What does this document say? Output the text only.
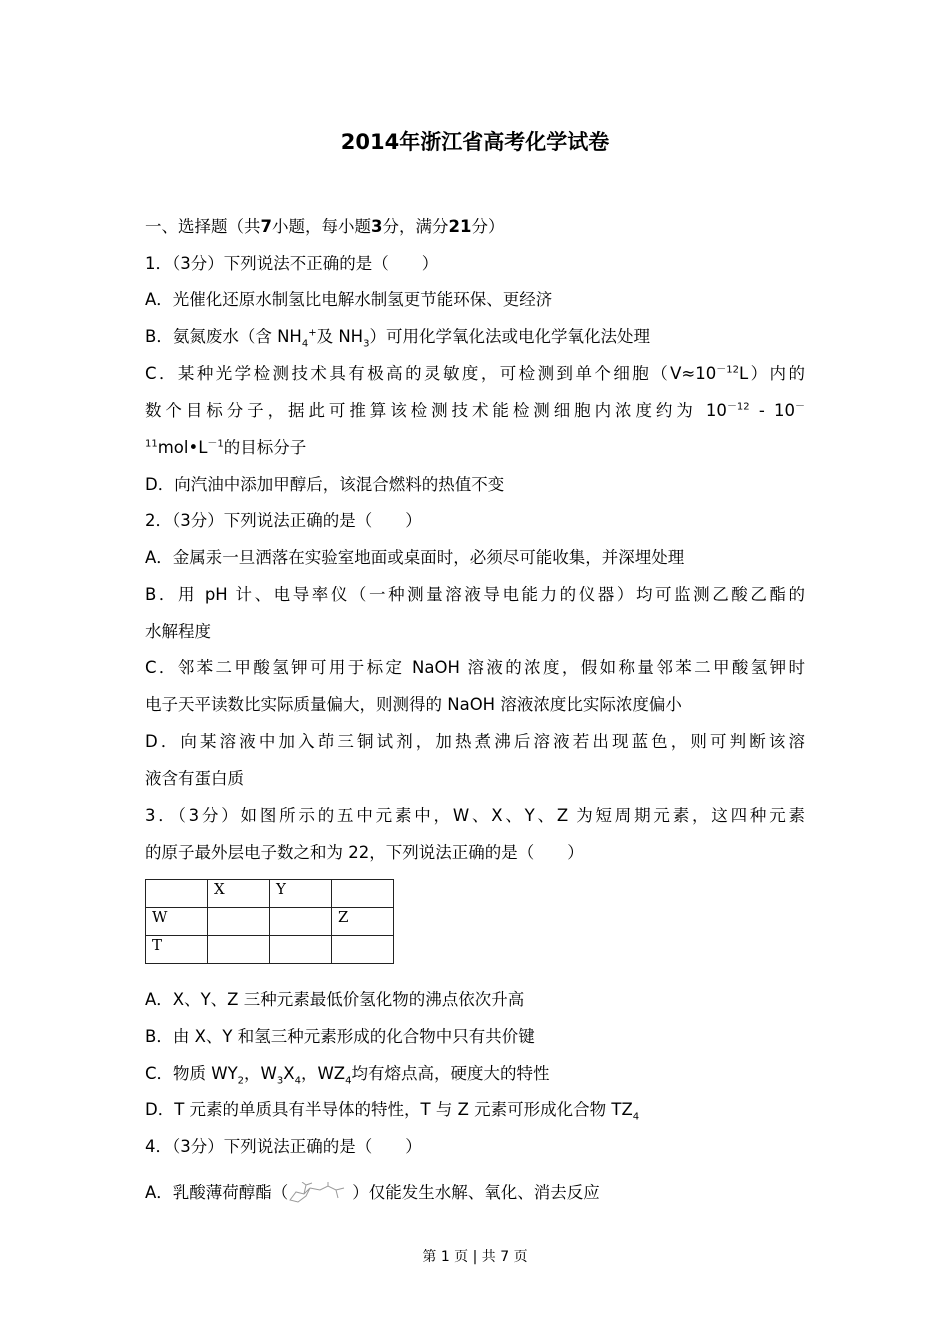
2014年浙江省高考化学试卷
一、选择题（共7小题，每小题3分，满分21分）
1．（3分）下列说法不正确的是（　　）
A．光催化还原水制氢比电解水制氢更节能环保、更经济
B．氨氮废水（含 $NH_4^+$及 $NH_3$）可用化学氧化法或电化学氧化法处理
C．某种光学检测技术具有极高的灵敏度，可检测到单个细胞$(V\approx 10^{-12}L)$内的
数个目标分子，据此可推算该检测技术能检测细胞内浓度约为 $10^{-12} - 10^-$
$^{11}mol•L^{-1}$的目标分子
D．向汽油中添加甲醇后，该混合燃料的热值不变
2．（3分）下列说法正确的是（　　）
A．金属汞一旦洒落在实验室地面或桌面时，必须尽可能收集，并深埋处理
B．用 pH 计、电导率仪（一种测量溶液导电能力的仪器）均可监测乙酸乙酯的
水解程度
C．邻苯二甲酸氢钾可用于标定 NaOH 溶液的浓度，假如称量邻苯二甲酸氢钾时
电子天平读数比实际质量偏大，则测得的 NaOH 溶液浓度比实际浓度偏小
D．向某溶液中加入茚三铜试剂，加热煮沸后溶液若出现蓝色，则可判断该溶
液含有蛋白质
3．（3分）如图所示的五中元素中，W、X、Y、Z 为短周期元素，这四种元素
的原子最外层电子数之和为 22，下列说法正确的是（　　）
A．X、Y、Z 三种元素最低价氢化物的沸点依次升高
B．由 X、Y 和氢三种元素形成的化合物中只有共价键
C．物质 $WY_2$，$W_3X_4$，$WZ_4$均有熔点高，硬度大的特性
D．T 元素的单质具有半导体的特性，T 与 Z 元素可形成化合物 $TZ_4$
4．（3分）下列说法正确的是（　　）
A．乳酸薄荷醇酯（	）仅能发生水解、氧化、消去反应
	X	Y	
W			Z
T			
第 1 页 | 共 7 页
